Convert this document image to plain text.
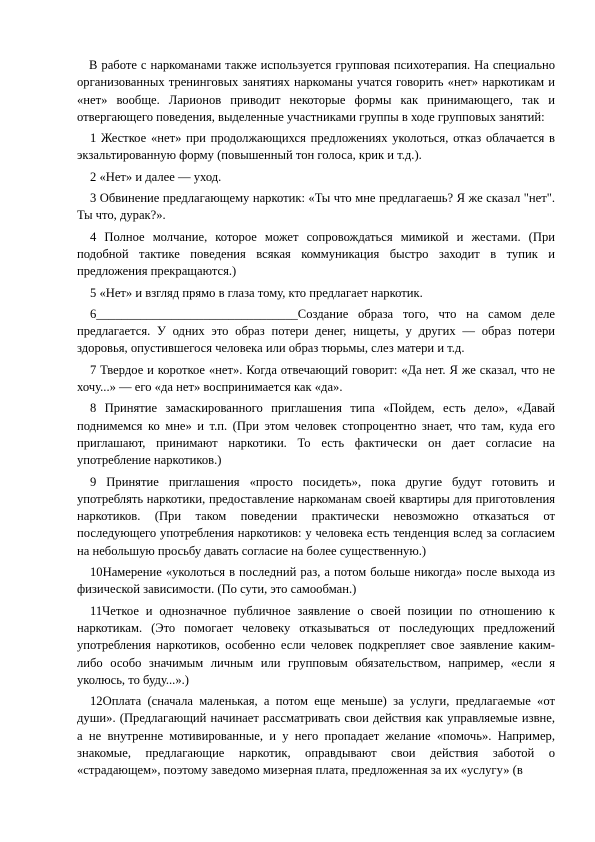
В работе с наркоманами также используется групповая психотерапия. На специально организованных тренинговых занятиях наркоманы учатся говорить «нет» наркотикам и «нет» вообще. Ларионов приводит некоторые формы как принимающего, так и отвергающего поведения, выделенные участниками группы в ходе групповых занятий:

1 Жесткое «нет» при продолжающихся предложениях уколоться, отказ облачается в экзальтированную форму (повышенный тон голоса, крик и т.д.).

2 «Нет» и далее — уход.

3 Обвинение предлагающему наркотик: «Ты что мне предлагаешь? Я же сказал "нет". Ты что, дурак?».

4 Полное молчание, которое может сопровождаться мимикой и жестами. (При подобной тактике поведения всякая коммуникация быстро заходит в тупик и предложения прекращаются.)

5 «Нет» и взгляд прямо в глаза тому, кто предлагает наркотик.

6________________________________Создание образа того, что на самом деле предлагается. У одних это образ потери денег, нищеты, у других — образ потери здоровья, опустившегося человека или образ тюрьмы, слез матери и т.д.

7 Твердое и короткое «нет». Когда отвечающий говорит: «Да нет. Я же сказал, что не хочу...» — его «да нет» воспринимается как «да».

8 Принятие замаскированного приглашения типа «Пойдем, есть дело», «Давай поднимемся ко мне» и т.п. (При этом человек стопроцентно знает, что там, куда его приглашают, принимают наркотики. То есть фактически он дает согласие на употребление наркотиков.)

9 Принятие приглашения «просто посидеть», пока другие будут готовить и употреблять наркотики, предоставление наркоманам своей квартиры для приготовления наркотиков. (При таком поведении практически невозможно отказаться от последующего употребления наркотиков: у человека есть тенденция вслед за согласием на небольшую просьбу давать согласие на более существенную.)

10Намерение «уколоться в последний раз, а потом больше никогда» после выхода из физической зависимости. (По сути, это самообман.)

11Четкое и однозначное публичное заявление о своей позиции по отношению к наркотикам. (Это помогает человеку отказываться от последующих предложений употребления наркотиков, особенно если человек подкрепляет свое заявление каким-либо особо значимым личным или групповым обязательством, например, «если я уколюсь, то буду...».)

12Оплата (сначала маленькая, а потом еще меньше) за услуги, предлагаемые «от души». (Предлагающий начинает рассматривать свои действия как управляемые извне, а не внутренне мотивированные, и у него пропадает желание «помочь». Например, знакомые, предлагающие наркотик, оправдывают свои действия заботой о «страдающем», поэтому заведомо мизерная плата, предложенная за их «услугу» (в
